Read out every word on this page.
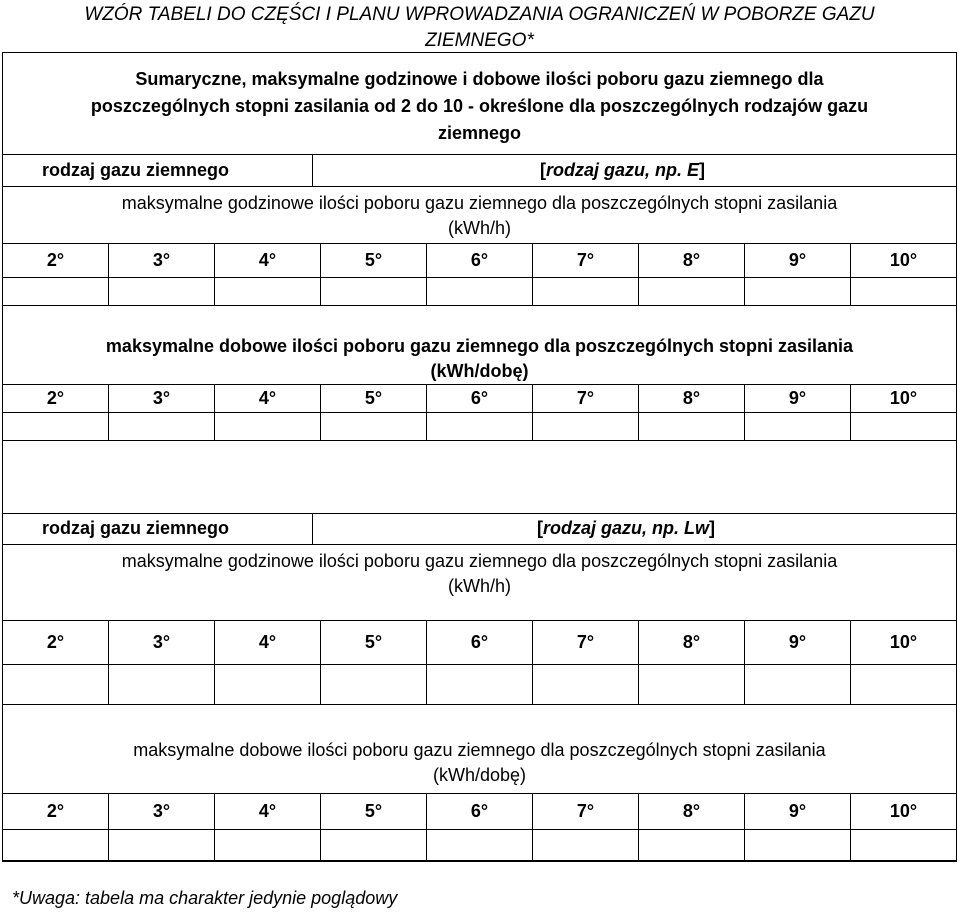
WZÓR TABELI DO CZĘŚCI I PLANU WPROWADZANIA OGRANICZEŃ W POBORZE GAZU
ZIEMNEGO*
Sumaryczne, maksymalne godzinowe i dobowe ilości poboru gazu ziemnego dla
poszczególnych stopni zasilania od 2 do 10 - określone dla poszczególnych rodzajów gazu
ziemnego
rodzaj gazu ziemnego	[rodzaj gazu, np. E]
maksymalne godzinowe ilości poboru gazu ziemnego dla poszczególnych stopni zasilania
(kWh/h)
2°	3°	4°	5°	6°	7°	8°	9°	10°

maksymalne dobowe ilości poboru gazu ziemnego dla poszczególnych stopni zasilania
(kWh/dobę)
2°	3°	4°	5°	6°	7°	8°	9°	10°

rodzaj gazu ziemnego	[rodzaj gazu, np. Lw]
maksymalne godzinowe ilości poboru gazu ziemnego dla poszczególnych stopni zasilania
(kWh/h)
2°	3°	4°	5°	6°	7°	8°	9°	10°

maksymalne dobowe ilości poboru gazu ziemnego dla poszczególnych stopni zasilania
(kWh/dobę)
2°	3°	4°	5°	6°	7°	8°	9°	10°

*Uwaga: tabela ma charakter jedynie poglądowy
